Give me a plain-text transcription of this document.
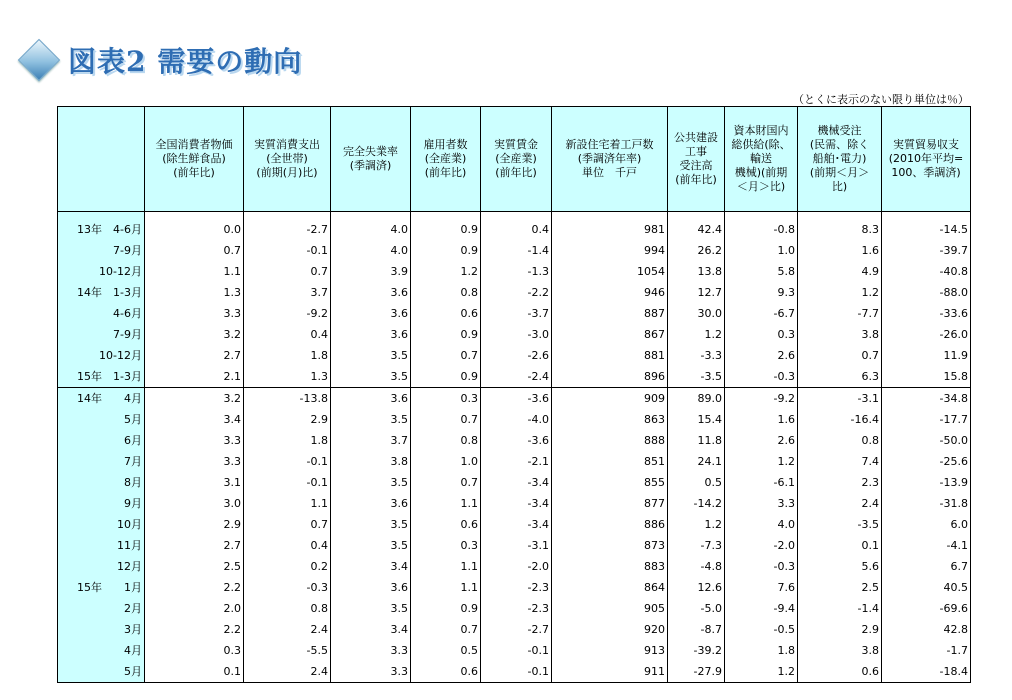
図表2 需要の動向
（とくに表示のない限り単位は％）
	全国消費者物価
(除生鮮食品)
(前年比)	実質消費支出
(全世帯)
(前期(月)比)	完全失業率
(季調済)	雇用者数
(全産業)
(前年比)	実質賃金
(全産業)
(前年比)	新設住宅着工戸数
(季調済年率)
単位　千戸	公共建設
工事
受注高
(前年比)	資本財国内
総供給(除、
輸送
機械)(前期
＜月＞比)	機械受注
(民需、除く
船舶･電力)
(前期＜月＞
比)	実質貿易収支
(2010年平均=
100、季調済)

13年　4-6月	0.0	-2.7	4.0	0.9	0.4	981	42.4	-0.8	8.3	-14.5
7-9月	0.7	-0.1	4.0	0.9	-1.4	994	26.2	1.0	1.6	-39.7
10-12月	1.1	0.7	3.9	1.2	-1.3	1054	13.8	5.8	4.9	-40.8
14年　1-3月	1.3	3.7	3.6	0.8	-2.2	946	12.7	9.3	1.2	-88.0
4-6月	3.3	-9.2	3.6	0.6	-3.7	887	30.0	-6.7	-7.7	-33.6
7-9月	3.2	0.4	3.6	0.9	-3.0	867	1.2	0.3	3.8	-26.0
10-12月	2.7	1.8	3.5	0.7	-2.6	881	-3.3	2.6	0.7	11.9
15年　1-3月	2.1	1.3	3.5	0.9	-2.4	896	-3.5	-0.3	6.3	15.8
14年　　4月	3.2	-13.8	3.6	0.3	-3.6	909	89.0	-9.2	-3.1	-34.8
5月	3.4	2.9	3.5	0.7	-4.0	863	15.4	1.6	-16.4	-17.7
6月	3.3	1.8	3.7	0.8	-3.6	888	11.8	2.6	0.8	-50.0
7月	3.3	-0.1	3.8	1.0	-2.1	851	24.1	1.2	7.4	-25.6
8月	3.1	-0.1	3.5	0.7	-3.4	855	0.5	-6.1	2.3	-13.9
9月	3.0	1.1	3.6	1.1	-3.4	877	-14.2	3.3	2.4	-31.8
10月	2.9	0.7	3.5	0.6	-3.4	886	1.2	4.0	-3.5	6.0
11月	2.7	0.4	3.5	0.3	-3.1	873	-7.3	-2.0	0.1	-4.1
12月	2.5	0.2	3.4	1.1	-2.0	883	-4.8	-0.3	5.6	6.7
15年　　1月	2.2	-0.3	3.6	1.1	-2.3	864	12.6	7.6	2.5	40.5
2月	2.0	0.8	3.5	0.9	-2.3	905	-5.0	-9.4	-1.4	-69.6
3月	2.2	2.4	3.4	0.7	-2.7	920	-8.7	-0.5	2.9	42.8
4月	0.3	-5.5	3.3	0.5	-0.1	913	-39.2	1.8	3.8	-1.7
5月	0.1	2.4	3.3	0.6	-0.1	911	-27.9	1.2	0.6	-18.4
